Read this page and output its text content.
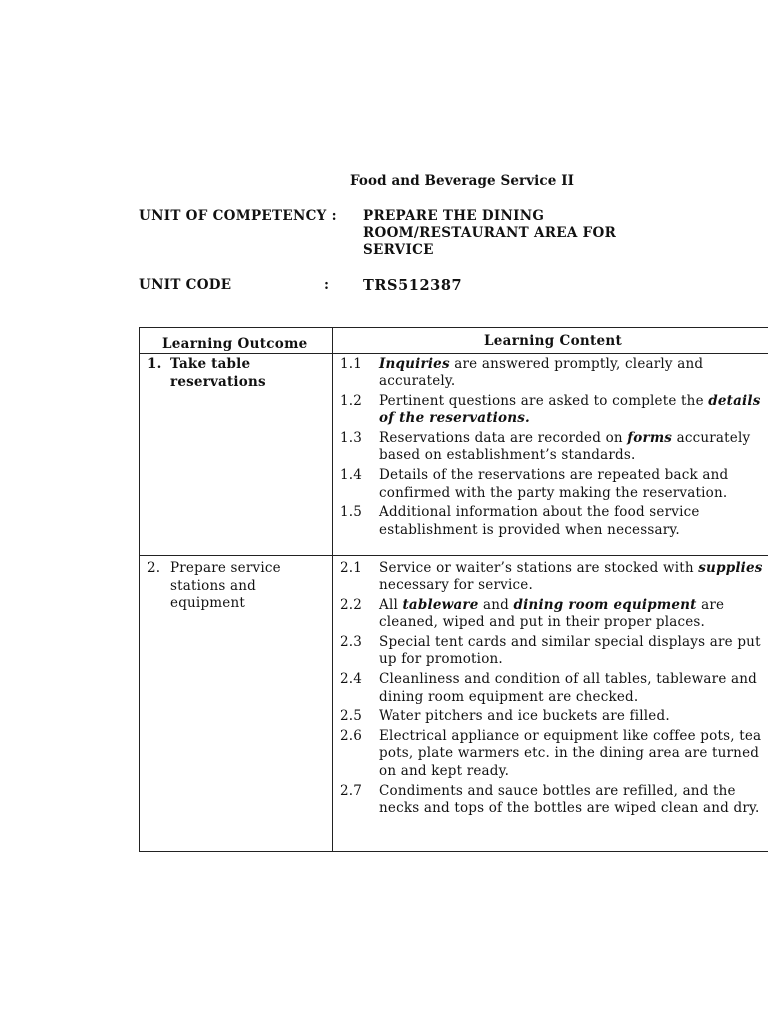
Food and Beverage Service II
UNIT OF COMPETENCY : PREPARE THE DINING ROOM/RESTAURANT AREA FOR SERVICE
UNIT CODE	: TRS512387
Learning Outcome	Learning Content
1. Take table reservations
1.1 Inquiries are answered promptly, clearly and accurately.
1.2 Pertinent questions are asked to complete the details of the reservations.
1.3 Reservations data are recorded on forms accurately based on establishment’s standards.
1.4 Details of the reservations are repeated back and confirmed with the party making the reservation.
1.5 Additional information about the food service establishment is provided when necessary.
2. Prepare service stations and equipment
2.1 Service or waiter’s stations are stocked with supplies necessary for service.
2.2 All tableware and dining room equipment are cleaned, wiped and put in their proper places.
2.3 Special tent cards and similar special displays are put up for promotion.
2.4 Cleanliness and condition of all tables, tableware and dining room equipment are checked.
2.5 Water pitchers and ice buckets are filled.
2.6 Electrical appliance or equipment like coffee pots, tea pots, plate warmers etc. in the dining area are turned on and kept ready.
2.7 Condiments and sauce bottles are refilled, and the necks and tops of the bottles are wiped clean and dry.
